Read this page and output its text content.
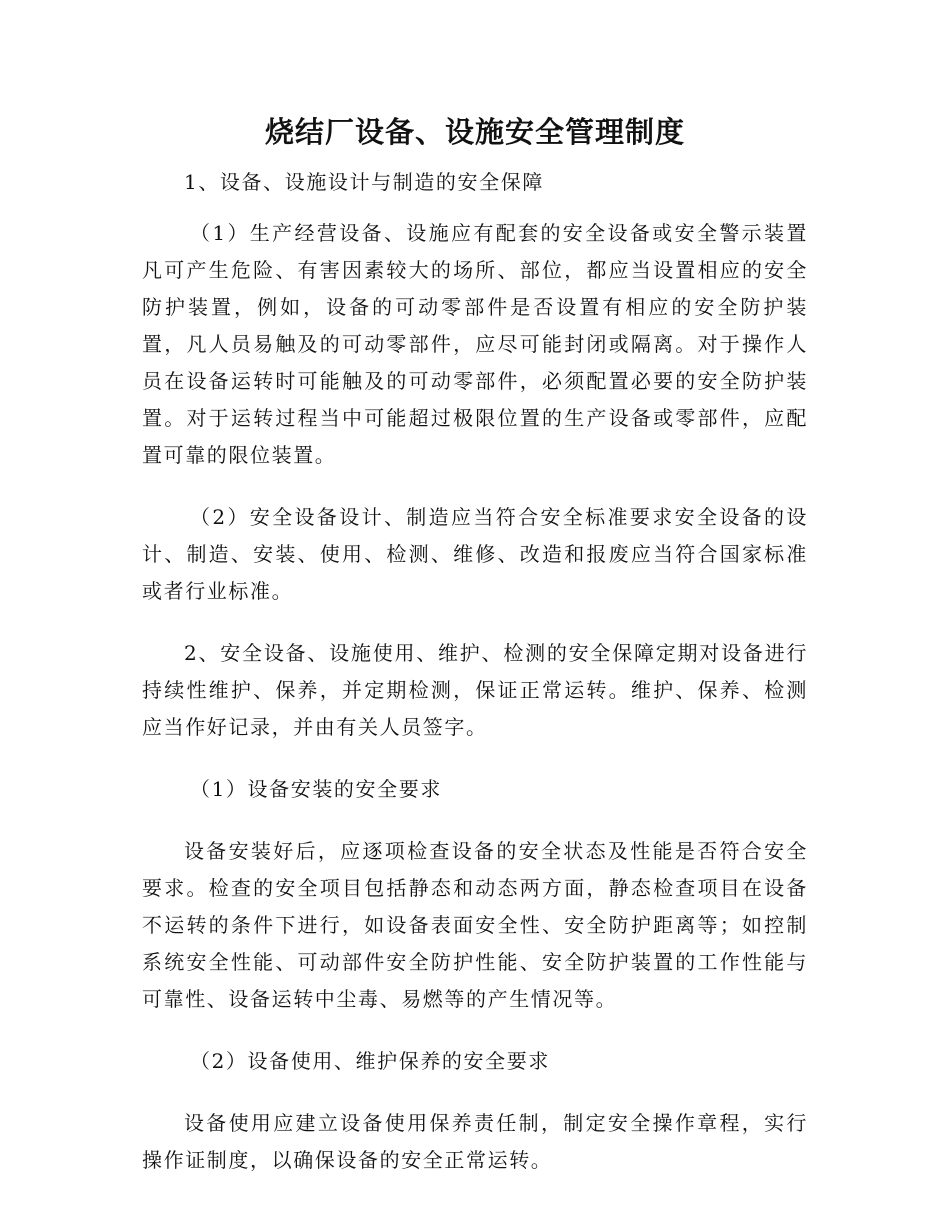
烧结厂设备、设施安全管理制度

1、设备、设施设计与制造的安全保障

（1）生产经营设备、设施应有配套的安全设备或安全警示装置凡可产生危险、有害因素较大的场所、部位，都应当设置相应的安全防护装置，例如，设备的可动零部件是否设置有相应的安全防护装置，凡人员易触及的可动零部件，应尽可能封闭或隔离。对于操作人员在设备运转时可能触及的可动零部件，必须配置必要的安全防护装置。对于运转过程当中可能超过极限位置的生产设备或零部件，应配置可靠的限位装置。

（2）安全设备设计、制造应当符合安全标准要求安全设备的设计、制造、安装、使用、检测、维修、改造和报废应当符合国家标准或者行业标准。

2、安全设备、设施使用、维护、检测的安全保障定期对设备进行持续性维护、保养，并定期检测，保证正常运转。维护、保养、检测应当作好记录，并由有关人员签字。

（1）设备安装的安全要求

设备安装好后，应逐项检查设备的安全状态及性能是否符合安全要求。检查的安全项目包括静态和动态两方面，静态检查项目在设备不运转的条件下进行，如设备表面安全性、安全防护距离等；如控制系统安全性能、可动部件安全防护性能、安全防护装置的工作性能与可靠性、设备运转中尘毒、易燃等的产生情况等。

（2）设备使用、维护保养的安全要求

设备使用应建立设备使用保养责任制，制定安全操作章程，实行操作证制度，以确保设备的安全正常运转。
